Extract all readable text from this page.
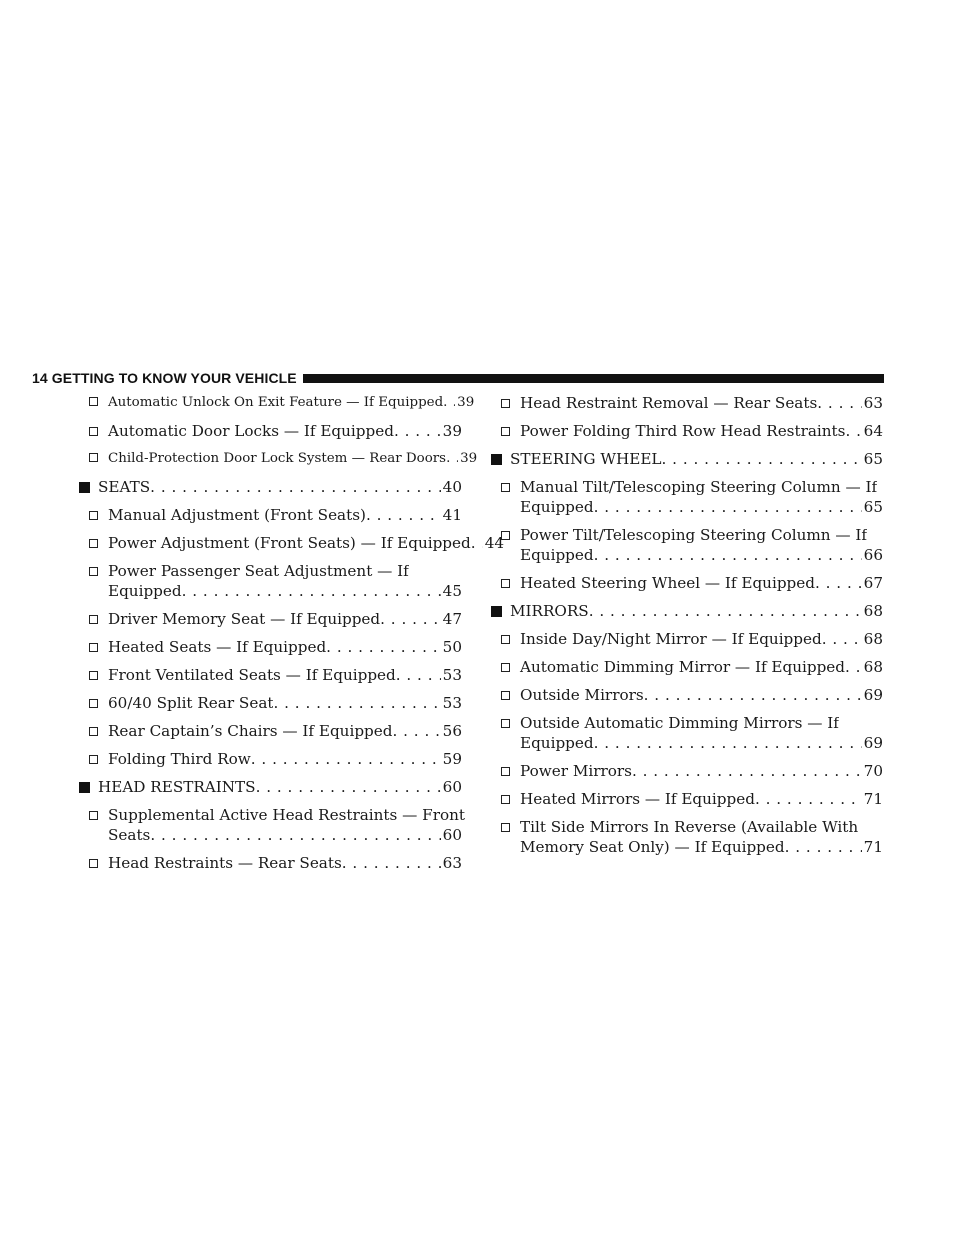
14 GETTING TO KNOW YOUR VEHICLE
Automatic Unlock On Exit Feature — If Equipped . . . 39
Automatic Door Locks — If Equipped . . .	39
Child-Protection Door Lock System — Rear Doors . . . 39
SEATS . . .	40
Manual Adjustment (Front Seats) . . .	41
Power Adjustment (Front Seats) — If Equipped . . . 44
Power Passenger Seat Adjustment — If
Equipped . . .	45
Driver Memory Seat — If Equipped . . .	47
Heated Seats — If Equipped . . .	50
Front Ventilated Seats — If Equipped . . .	53
60/40 Split Rear Seat . . .	53
Rear Captain’s Chairs — If Equipped . . .	56
Folding Third Row . . .	59
HEAD RESTRAINTS . . .	60
Supplemental Active Head Restraints — Front
Seats . . .	60
Head Restraints — Rear Seats . . .	63
Head Restraint Removal — Rear Seats . . .	63
Power Folding Third Row Head Restraints . . . 64
STEERING WHEEL . . .	65
Manual Tilt/Telescoping Steering Column — If
Equipped . . .	65
Power Tilt/Telescoping Steering Column — If
Equipped . . .	66
Heated Steering Wheel — If Equipped . . .	67
MIRRORS . . .	68
Inside Day/Night Mirror — If Equipped . . .	68
Automatic Dimming Mirror — If Equipped . . . 68
Outside Mirrors . . .	69
Outside Automatic Dimming Mirrors — If
Equipped . . .	69
Power Mirrors . . .	70
Heated Mirrors — If Equipped . . .	71
Tilt Side Mirrors In Reverse (Available With
Memory Seat Only) — If Equipped . . .	71
